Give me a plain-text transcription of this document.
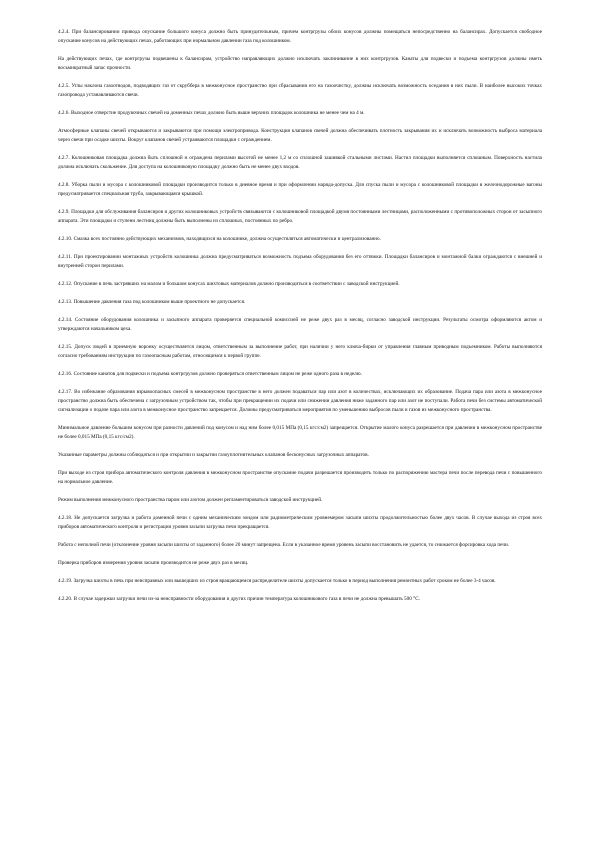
4.2.4. При балансировании привода опускание большого конуса должно быть принудительным, причем контргрузы обоих конусов должны помещаться непосредственно на балансирах. Допускается свободное опускание конусов на действующих печах, работающих при нормальном давлении газа под колошником.

На действующих печах, где контргрузы подвешены к балансирам, устройство направляющих должно исключать заклинивание в них контргрузов. Канаты для подвески и подъема контргрузов должны иметь восьмикратный запас прочности.

4.2.5. Углы наклона газоотводов, подводящих газ от скруббера в межконусное пространство при сбрасывании его на газоочистку, должны исключать возможность оседания в них пыли. В наиболее высоких точках газопровода устанавливаются свечи.

4.2.6. Выходное отверстие продувочных свечей на доменных печах должно быть выше верхних площадок колошника не менее чем на 4 м.

Атмосферные клапаны свечей открываются и закрываются при помощи электропривода. Конструкция клапанов свечей должна обеспечивать плотность закрывания их и исключать возможность выброса материала через свечи при осадке шихты. Вокруг клапанов свечей устраиваются площадки с ограждением.

4.2.7. Колошниковая площадка должна быть сплошной и ограждена перилами высотой не менее 1,2 м со сплошной зашивкой стальными листами. Настил площадки выполняется сплошным. Поверхность настила должна исключать скольжение. Для доступа на колошниковую площадку должно быть не менее двух входов.

4.2.8. Уборка пыли и мусора с колошниковой площадки производится только в дневное время и при оформлении наряда-допуска. Для спуска пыли и мусора с колошниковой площадки в железнодорожные вагоны предусматривается специальная труба, закрывающаяся крышкой.

4.2.9. Площадки для обслуживания балансиров и других колошниковых устройств связываются с колошниковой площадкой двумя постоянными лестницами, расположенными с противоположных сторон от засыпного аппарата. Эти площадки и ступени лестниц должны быть выполнены из сплошных, постоянных по ребро.

4.2.10. Смазка всех постоянно действующих механизмов, находящихся на колошнике, должна осуществляться автоматически и централизованно.

4.2.11. При проектировании монтажных устройств колошника должна предусматриваться возможность подъема оборудования без его оттяжки. Площадки балансиров и монтажной балки ограждаются с внешней и внутренней сторон перилами.

4.2.12. Опускание в печь застрявших на малом и большом конусах шихтовых материалов должно производиться в соответствии с заводской инструкцией.

4.2.13. Повышение давления газа под колошником выше проектного не допускается.

4.2.14. Состояние оборудования колошника и засыпного аппарата проверяется специальной комиссией не реже двух раз в месяц, согласно заводской инструкции. Результаты осмотра оформляются актом и утверждаются начальником цеха.

4.2.15. Допуск людей в приемную воронку осуществляется лицом, ответственным за выполнение работ, при наличии у него ключа-бирки от управления главным приводным подъемником. Работы выполняются согласно требованиям инструкции по газоопасным работам, относящимся к первой группе.

4.2.16. Состояние канатов для подвески и подъема контргрузов должно проверяться ответственным лицом не реже одного раза в неделю.

4.2.17. Во избежание образования взрывоопасных смесей в межконусном пространстве в него должен подаваться пар или азот в количествах, исключающих их образование. Подача пара или азота в межконусное пространство должна быть обеспечена с загрузочным устройством так, чтобы при прекращении их подачи или снижении давления ниже заданного пар или азот не поступали. Работа печи без системы автоматической сигнализации о подаче пара или азота в межконусное пространство запрещается. Должны предусматриваться мероприятия по уменьшению выбросов пыли и газов из межконусного пространства.

Минимальное давление большим конусом при разности давлений под конусом и над ним более 0,015 МПа (0,15 кгс/см2) запрещается. Открытие малого конуса разрешается при давлении в межконусном пространстве не более 0,015 МПа (0,15 кгс/см2).

Указанные параметры должны соблюдаться и при открытии и закрытии газоуплотнительных клапанов бесконусных загрузочных аппаратов.

При выходе из строя прибора автоматического контроля давления в межконусном пространстве опускание подачи разрешается производить только по распоряжению мастера печи после перевода печи с повышенного на нормальное давление.

Режим выполнения межконусного пространства паром или азотом должен регламентироваться заводской инструкцией.

4.2.18. Не допускается загрузка и работа доменной печи с одним механическим зондом или радиометрическим уровнемером засыпи шихты продолжительностью более двух часов. В случае выхода из строя всех приборов автоматического контроля и регистрации уровня засыпи загрузка печи прекращается.

Работа с неполной печи (отклонение уровня засыпи шихты от заданного) более 20 минут запрещена. Если в указанное время уровень засыпи восстановить не удается, то снижается форсировка хода печи.

Проверка приборов измерения уровня засыпи производится не реже двух раз в месяц.

4.2.19. Загрузка шихты в печь при неисправных или вышедших из строя вращающемся распределителе шихты допускается только в период выполнения ремонтных работ сроком не более 3-4 часов.

4.2.20. В случае задержки загрузки печи из-за неисправности оборудования и других причин температура колошникового газа в печи не должна превышать 500 °С.
